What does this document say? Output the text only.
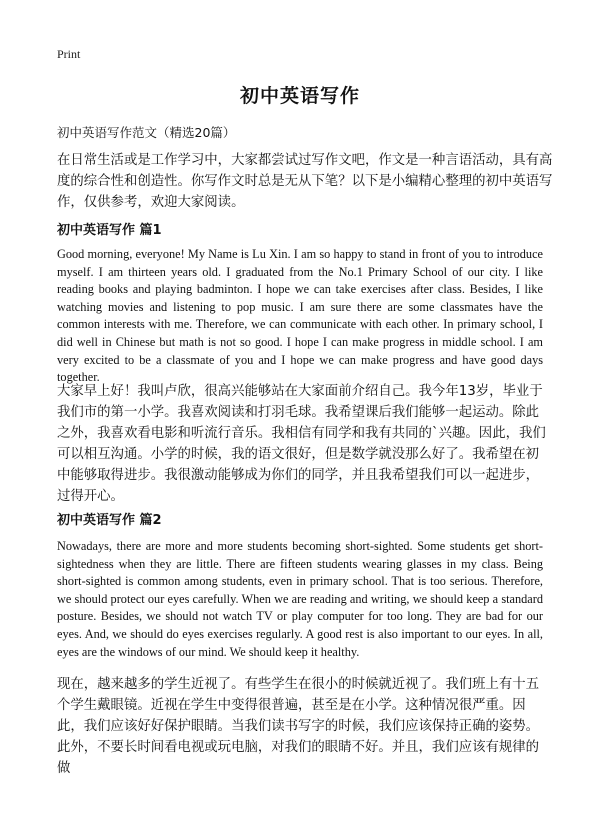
Print
初中英语写作
初中英语写作范文（精选20篇）
在日常生活或是工作学习中，大家都尝试过写作文吧，作文是一种言语活动，具有高度的综合性和创造性。你写作文时总是无从下笔？以下是小编精心整理的初中英语写作，仅供参考，欢迎大家阅读。
初中英语写作 篇1
Good morning, everyone! My Name is Lu Xin. I am so happy to stand in front of you to introduce myself. I am thirteen years old. I graduated from the No.1 Primary School of our city. I like reading books and playing badminton. I hope we can take exercises after class. Besides, I like watching movies and listening to pop music. I am sure there are some classmates have the common interests with me. Therefore, we can communicate with each other. In primary school, I did well in Chinese but math is not so good. I hope I can make progress in middle school. I am very excited to be a classmate of you and I hope we can make progress and have good days together.
大家早上好！我叫卢欣，很高兴能够站在大家面前介绍自己。我今年13岁，毕业于我们市的第一小学。我喜欢阅读和打羽毛球。我希望课后我们能够一起运动。除此之外，我喜欢看电影和听流行音乐。我相信有同学和我有共同的`兴趣。因此，我们可以相互沟通。小学的时候，我的语文很好，但是数学就没那么好了。我希望在初中能够取得进步。我很激动能够成为你们的同学，并且我希望我们可以一起进步，过得开心。
初中英语写作 篇2
Nowadays, there are more and more students becoming short-sighted. Some students get short-sightedness when they are little. There are fifteen students wearing glasses in my class. Being short-sighted is common among students, even in primary school. That is too serious. Therefore, we should protect our eyes carefully. When we are reading and writing, we should keep a standard posture. Besides, we should not watch TV or play computer for too long. They are bad for our eyes. And, we should do eyes exercises regularly. A good rest is also important to our eyes. In all, eyes are the windows of our mind. We should keep it healthy.
现在，越来越多的学生近视了。有些学生在很小的时候就近视了。我们班上有十五个学生戴眼镜。近视在学生中变得很普遍，甚至是在小学。这种情况很严重。因此，我们应该好好保护眼睛。当我们读书写字的时候，我们应该保持正确的姿势。此外，不要长时间看电视或玩电脑，对我们的眼睛不好。并且，我们应该有规律的做
